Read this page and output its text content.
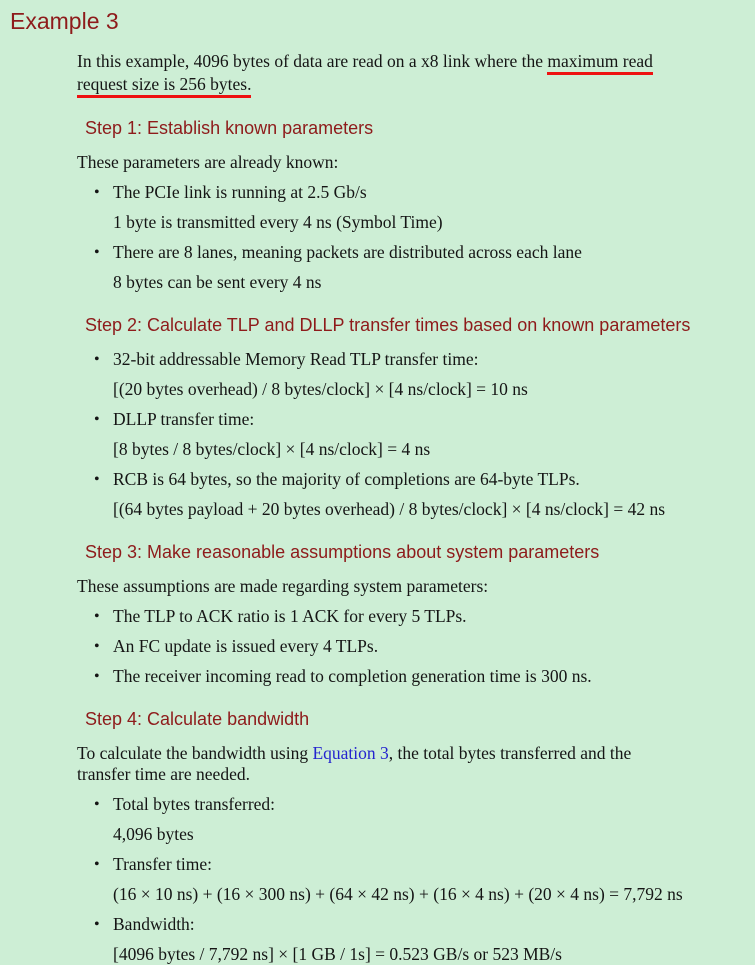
Example 3
In this example, 4096 bytes of data are read on a x8 link where the maximum read
request size is 256 bytes.
Step 1: Establish known parameters
These parameters are already known:
• The PCIe link is running at 2.5 Gb/s
1 byte is transmitted every 4 ns (Symbol Time)
• There are 8 lanes, meaning packets are distributed across each lane
8 bytes can be sent every 4 ns
Step 2: Calculate TLP and DLLP transfer times based on known parameters
• 32-bit addressable Memory Read TLP transfer time:
[(20 bytes overhead) / 8 bytes/clock] × [4 ns/clock] = 10 ns
• DLLP transfer time:
[8 bytes / 8 bytes/clock] × [4 ns/clock] = 4 ns
• RCB is 64 bytes, so the majority of completions are 64-byte TLPs.
[(64 bytes payload + 20 bytes overhead) / 8 bytes/clock] × [4 ns/clock] = 42 ns
Step 3: Make reasonable assumptions about system parameters
These assumptions are made regarding system parameters:
• The TLP to ACK ratio is 1 ACK for every 5 TLPs.
• An FC update is issued every 4 TLPs.
• The receiver incoming read to completion generation time is 300 ns.
Step 4: Calculate bandwidth
To calculate the bandwidth using Equation 3, the total bytes transferred and the
transfer time are needed.
• Total bytes transferred:
4,096 bytes
• Transfer time:
(16 × 10 ns) + (16 × 300 ns) + (64 × 42 ns) + (16 × 4 ns) + (20 × 4 ns) = 7,792 ns
• Bandwidth:
[4096 bytes / 7,792 ns] × [1 GB / 1s] = 0.523 GB/s or 523 MB/s
